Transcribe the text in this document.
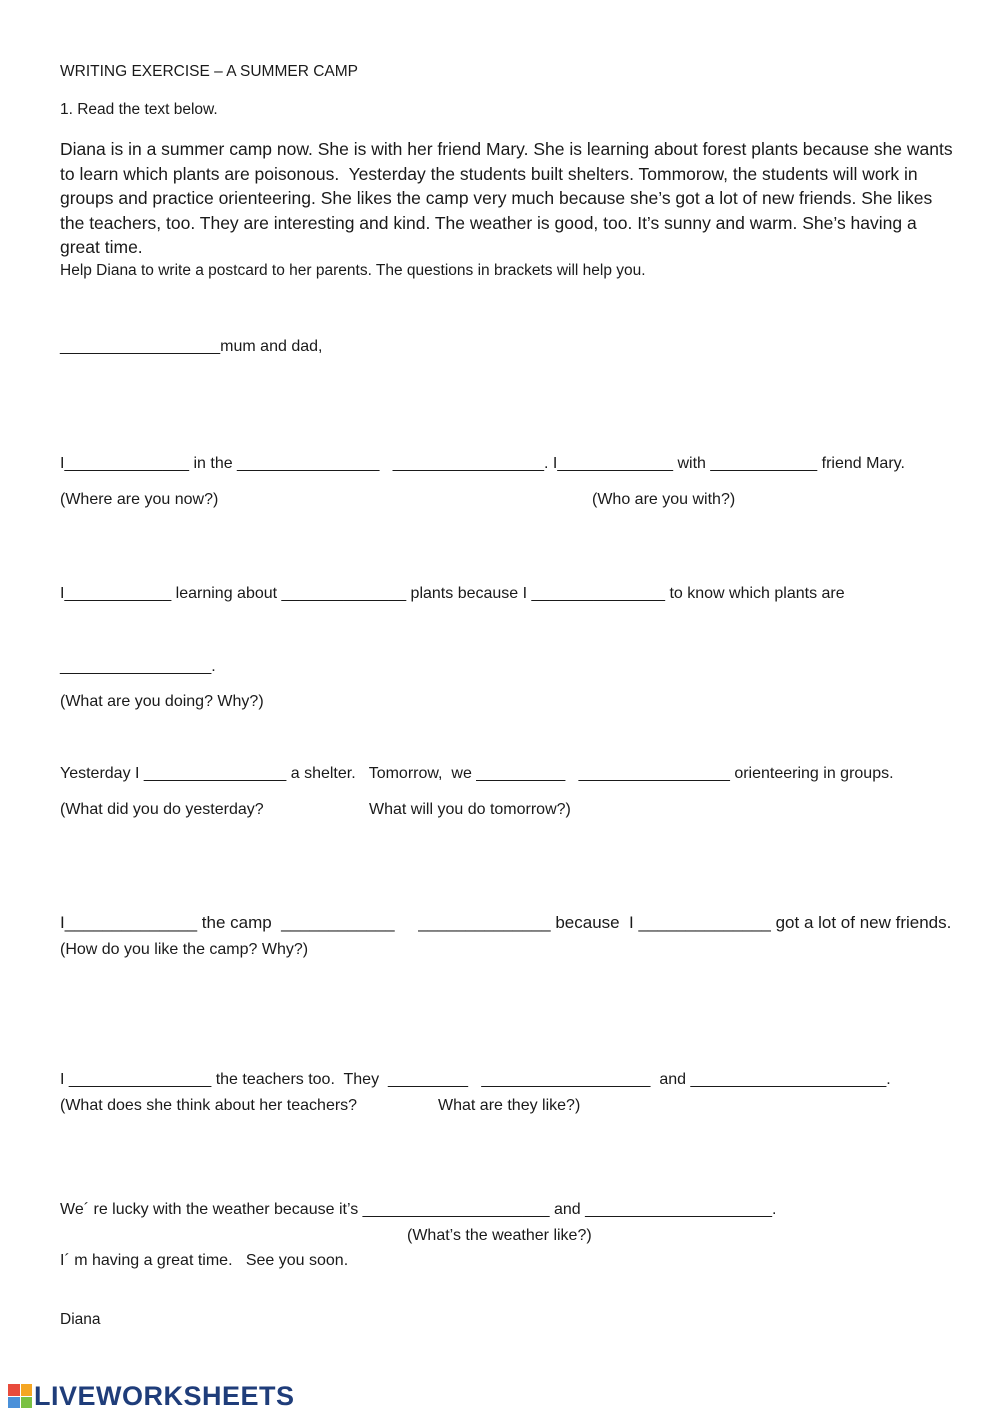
WRITING EXERCISE – A SUMMER CAMP
1. Read the text below.
Diana is in a summer camp now. She is with her friend Mary. She is learning about forest plants because she wants
to learn which plants are poisonous.  Yesterday the students built shelters. Tommorow, the students will work in
groups and practice orienteering. She likes the camp very much because she’s got a lot of new friends. She likes
the teachers, too. They are interesting and kind. The weather is good, too. It’s sunny and warm. She’s having a
great time.
Help Diana to write a postcard to her parents. The questions in brackets will help you.
__________________mum and dad,
I______________ in the ________________   _________________. I_____________ with ____________ friend Mary.
(Where are you now?)	(Who are you with?)
I____________ learning about ______________ plants because I _______________ to know which plants are
_________________.
(What are you doing? Why?)
Yesterday I ________________ a shelter.   Tomorrow,  we __________   _________________ orienteering in groups.
(What did you do yesterday?	What will you do tomorrow?)
I______________ the camp  ____________     ______________ because  I ______________ got a lot of new friends.
(How do you like the camp? Why?)
I ________________ the teachers too.  They  _________   ___________________  and ______________________.
(What does she think about her teachers?	What are they like?)
We´ re lucky with the weather because it’s _____________________ and _____________________.
(What’s the weather like?)
I´ m having a great time.   See you soon.
Diana
LIVEWORKSHEETS
